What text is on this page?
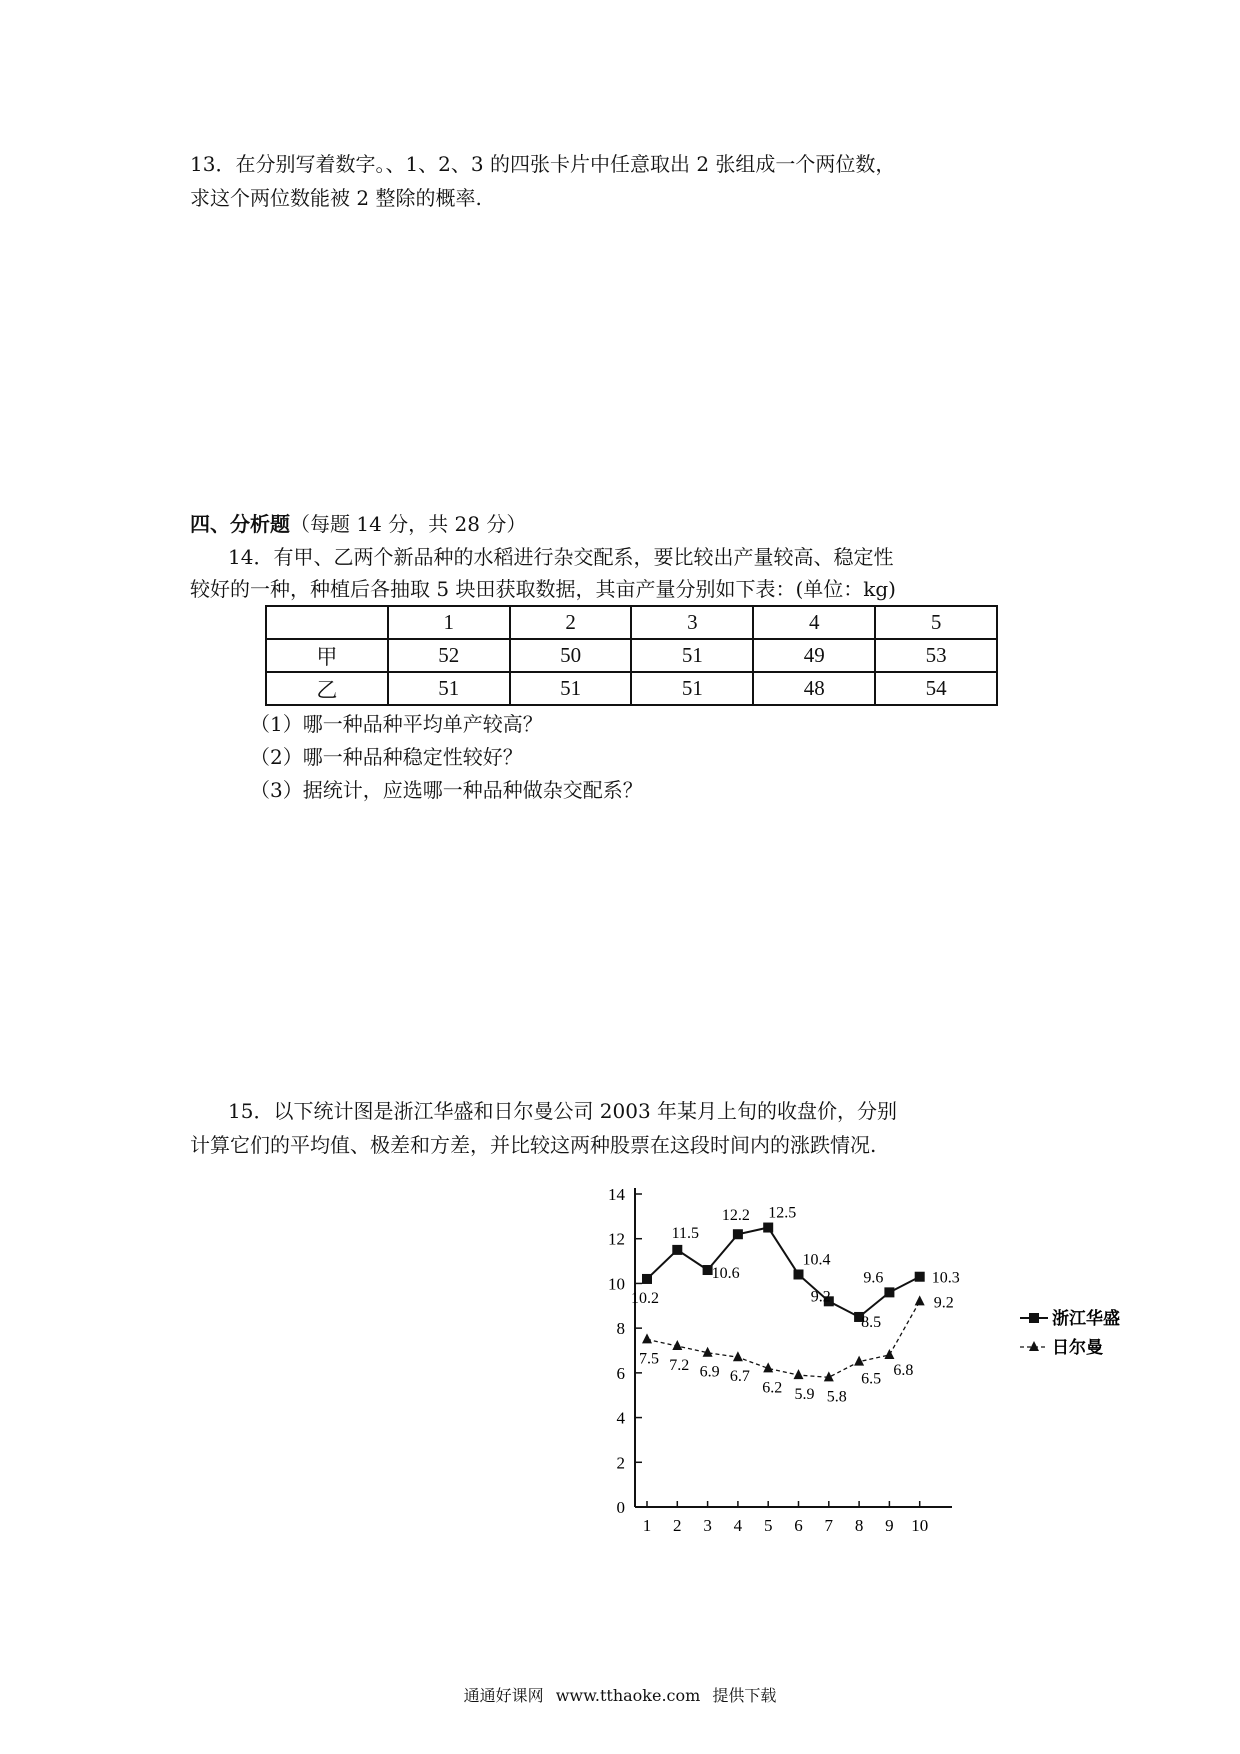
13．在分别写着数字。、1、2、3 的四张卡片中任意取出 2 张组成一个两位数，
求这个两位数能被 2 整除的概率.
四、分析题（每题 14 分，共 28 分）
14．有甲、乙两个新品种的水稻进行杂交配系，要比较出产量较高、稳定性
较好的一种，种植后各抽取 5 块田获取数据，其亩产量分别如下表：(单位：kg)
	1	2	3	4	5
甲	52	50	51	49	53
乙	51	51	51	48	54
（1）哪一种品种平均单产较高？
（2）哪一种品种稳定性较好？
（3）据统计，应选哪一种品种做杂交配系？
15．以下统计图是浙江华盛和日尔曼公司 2003 年某月上旬的收盘价，分别
计算它们的平均值、极差和方差，并比较这两种股票在这段时间内的涨跌情况.
0
2
4
6
8
10
12
14
1 2 3 4 5 6 7 8 9 10
10.2
11.5
10.6
12.2 12.5
10.4
9.2
8.5
9.6	10.3
7.5 7.2 6.9 6.7
6.2 5.9 5.8
6.5
6.8
9.2
浙江华盛
日尔曼
通通好课网 www.tthaoke.com 提供下载
